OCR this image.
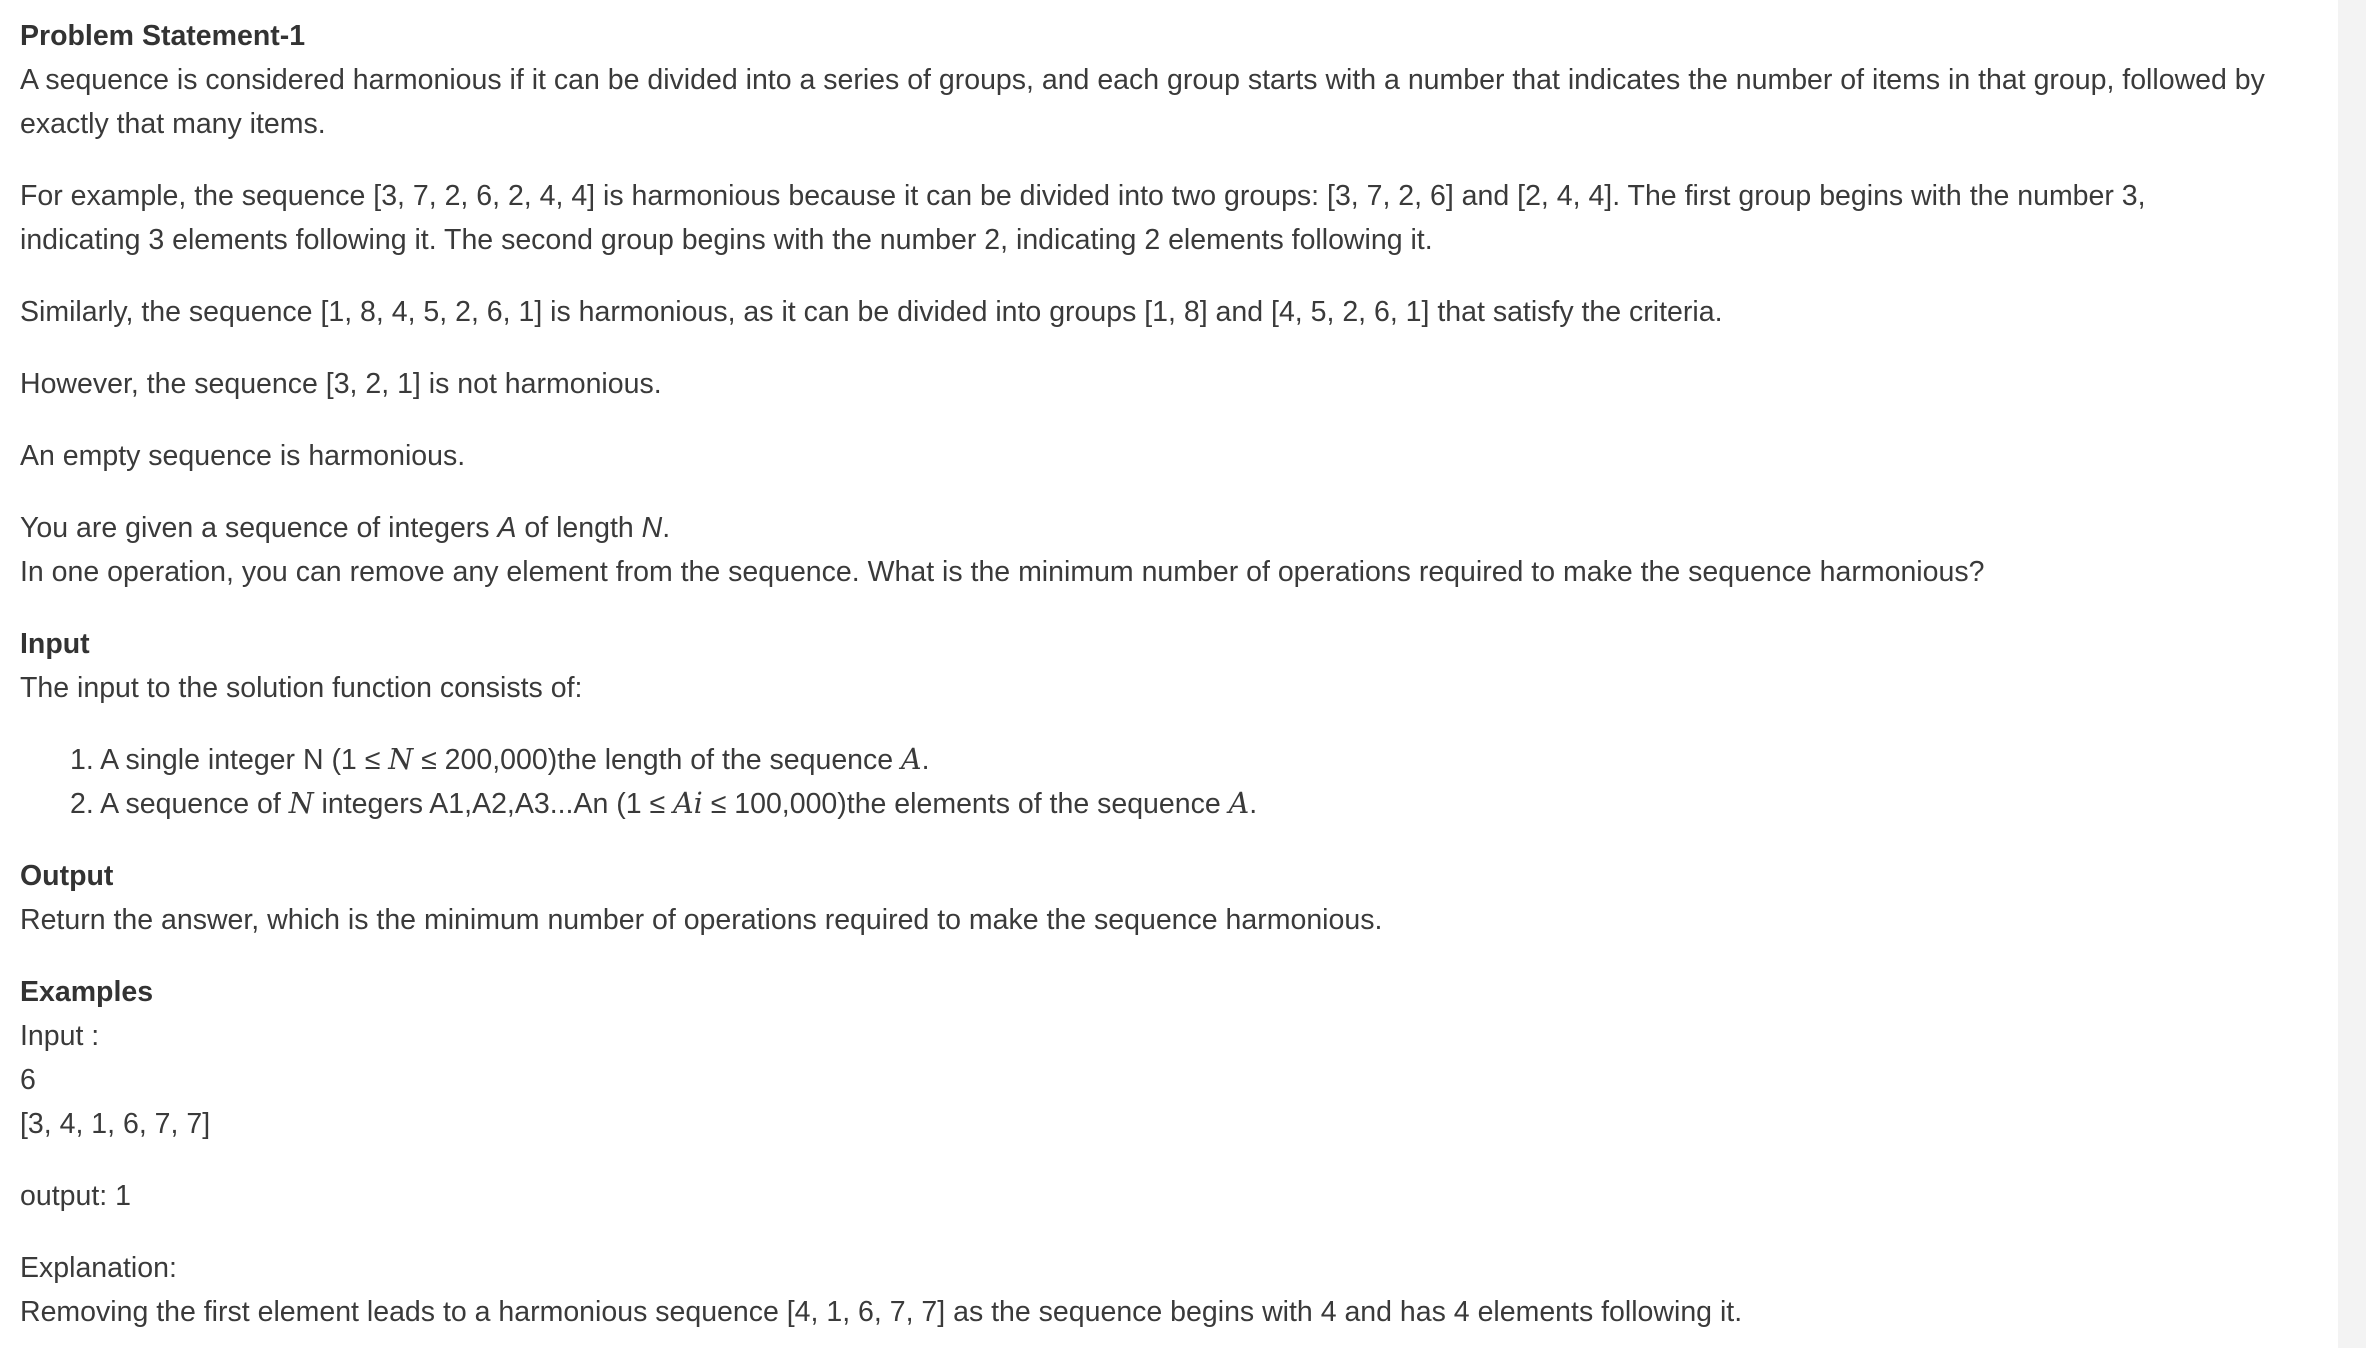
Problem Statement-1

A sequence is considered harmonious if it can be divided into a series of groups, and each group starts with a number that indicates the number of items in that group, followed by exactly that many items.

For example, the sequence [3, 7, 2, 6, 2, 4, 4] is harmonious because it can be divided into two groups: [3, 7, 2, 6] and [2, 4, 4]. The first group begins with the number 3,
indicating 3 elements following it. The second group begins with the number 2, indicating 2 elements following it.

Similarly, the sequence [1, 8, 4, 5, 2, 6, 1] is harmonious, as it can be divided into groups [1, 8] and [4, 5, 2, 6, 1] that satisfy the criteria.

However, the sequence [3, 2, 1] is not harmonious.

An empty sequence is harmonious.

You are given a sequence of integers A of length N.
In one operation, you can remove any element from the sequence. What is the minimum number of operations required to make the sequence harmonious?

Input

The input to the solution function consists of:

1. A single integer N (1 ≤ N ≤ 200,000)the length of the sequence A.
2. A sequence of N integers A1,A2,A3...An (1 ≤ Ai ≤ 100,000)the elements of the sequence A.
Output

Return the answer, which is the minimum number of operations required to make the sequence harmonious.

Examples

Input :
6
[3, 4, 1, 6, 7, 7]

output: 1

Explanation:
Removing the first element leads to a harmonious sequence [4, 1, 6, 7, 7] as the sequence begins with 4 and has 4 elements following it.
